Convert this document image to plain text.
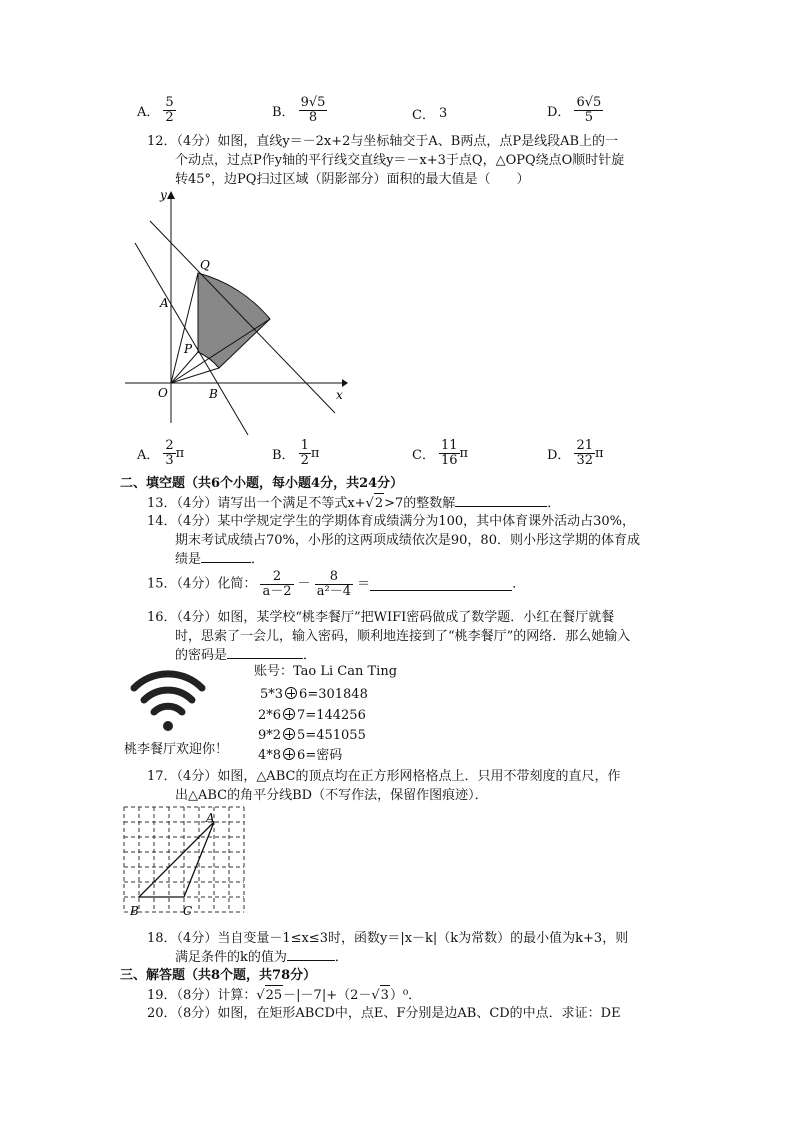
A． $\frac{5}{2}$	B． $\frac{9√5}{8}$	C． 3	D． $\frac{6√5}{5}$
12．（4分）如图，直线y＝－2x+2与坐标轴交于A、B两点，点P是线段AB上的一
个动点，过点P作y轴的平行线交直线y＝－x+3于点Q，△OPQ绕点O顺时针旋
转45°，边PQ扫过区域（阴影部分）面积的最大值是（　　）
Q
A
P
O	B
y
x
A． $\frac{2}{3}$ π	B． $\frac{1}{2}$ π	C． $\frac{11}{16}$ π	D． $\frac{21}{32}$ π
二、填空题（共6个小题，每小题4分，共24分）
13．（4分）请写出一个满足不等式x+√2>7的整数解	．
14．（4分）某中学规定学生的学期体育成绩满分为100，其中体育课外活动占30%，
期末考试成绩占70%，小彤的这两项成绩依次是90，80．则小彤这学期的体育成
绩是	．
15．（4分）化简： $\frac{2}{a-2} - \frac{8}{\text{a²－4}}$ ＝	．
16．（4分）如图，某学校“桃李餐厅”把WIFI密码做成了数学题．小红在餐厅就餐
时，思索了一会儿，输入密码，顺利地连接到了“桃李餐厅”的网络．那么她输入
的密码是	．
桃李餐厅欢迎你！
账号：Tao Li Can Ting
5*3 6=301848
2*6 7=144256
9*2 5=451055
4*8 6=密码
17．（4分）如图，△ABC的顶点均在正方形网格格点上．只用不带刻度的直尺，作
出△ABC的角平分线BD（不写作法，保留作图痕迹）．
A
B	C
18．（4分）当自变量－1≤x≤3时，函数y＝|x－k|（k为常数）的最小值为k+3，则
满足条件的k的值为	．
三、解答题（共8个题，共78分）
19．（8分）计算：√25－|－7|+（2－√3）⁰．
20．（8分）如图，在矩形ABCD中，点E、F分别是边AB、CD的中点．求证：DE
